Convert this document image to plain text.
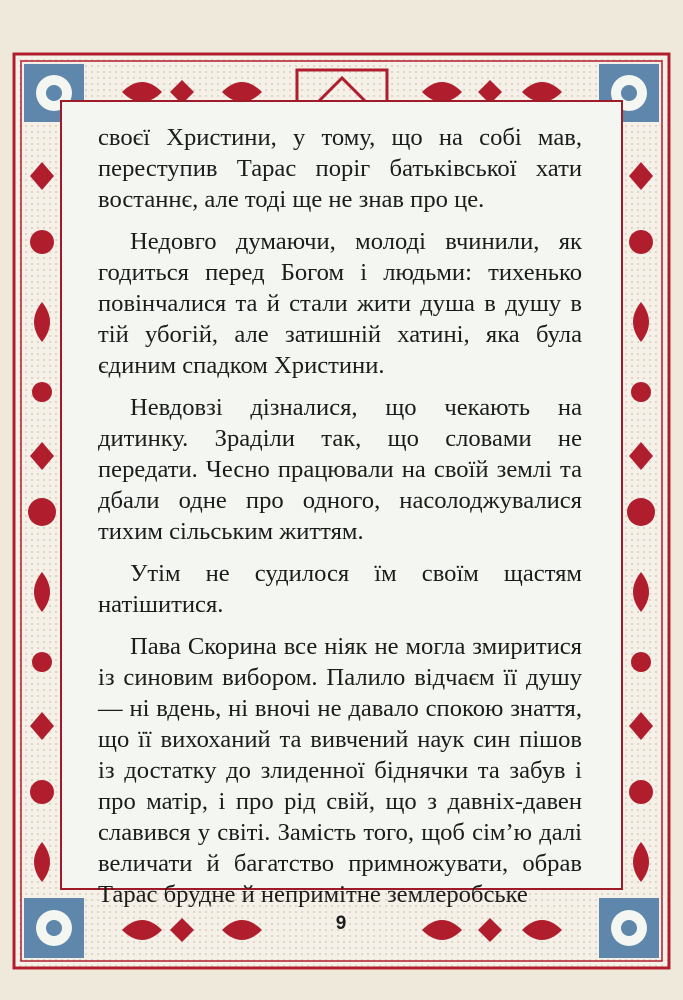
своєї Христини, у тому, що на собі мав, переступив Тарас поріг батьківської хати востаннє, але тоді ще не знав про це.

Недовго думаючи, молоді вчинили, як годиться перед Богом і людьми: тихенько повінчалися та й стали жити душа в душу в тій убогій, але затишній хатині, яка була єдиним спадком Христини.

Невдовзі дізналися, що чекають на дитинку. Зраділи так, що словами не передати. Чесно працювали на своїй землі та дбали одне про одного, насолоджувалися тихим сільським життям.

Утім не судилося їм своїм щастям натішитися.

Пава Скорина все ніяк не могла змиритися із синовим вибором. Палило відчаєм її душу — ні вдень, ні вночі не давало спокою знаття, що її вихоханий та вивчений наук син пішов із достатку до злиденної біднячки та забув і про матір, і про рід свій, що з давніх-давен славився у світі. Замість того, щоб сім’ю далі величати й багатство примножувати, обрав Тарас брудне й непримітне землеробське

9
